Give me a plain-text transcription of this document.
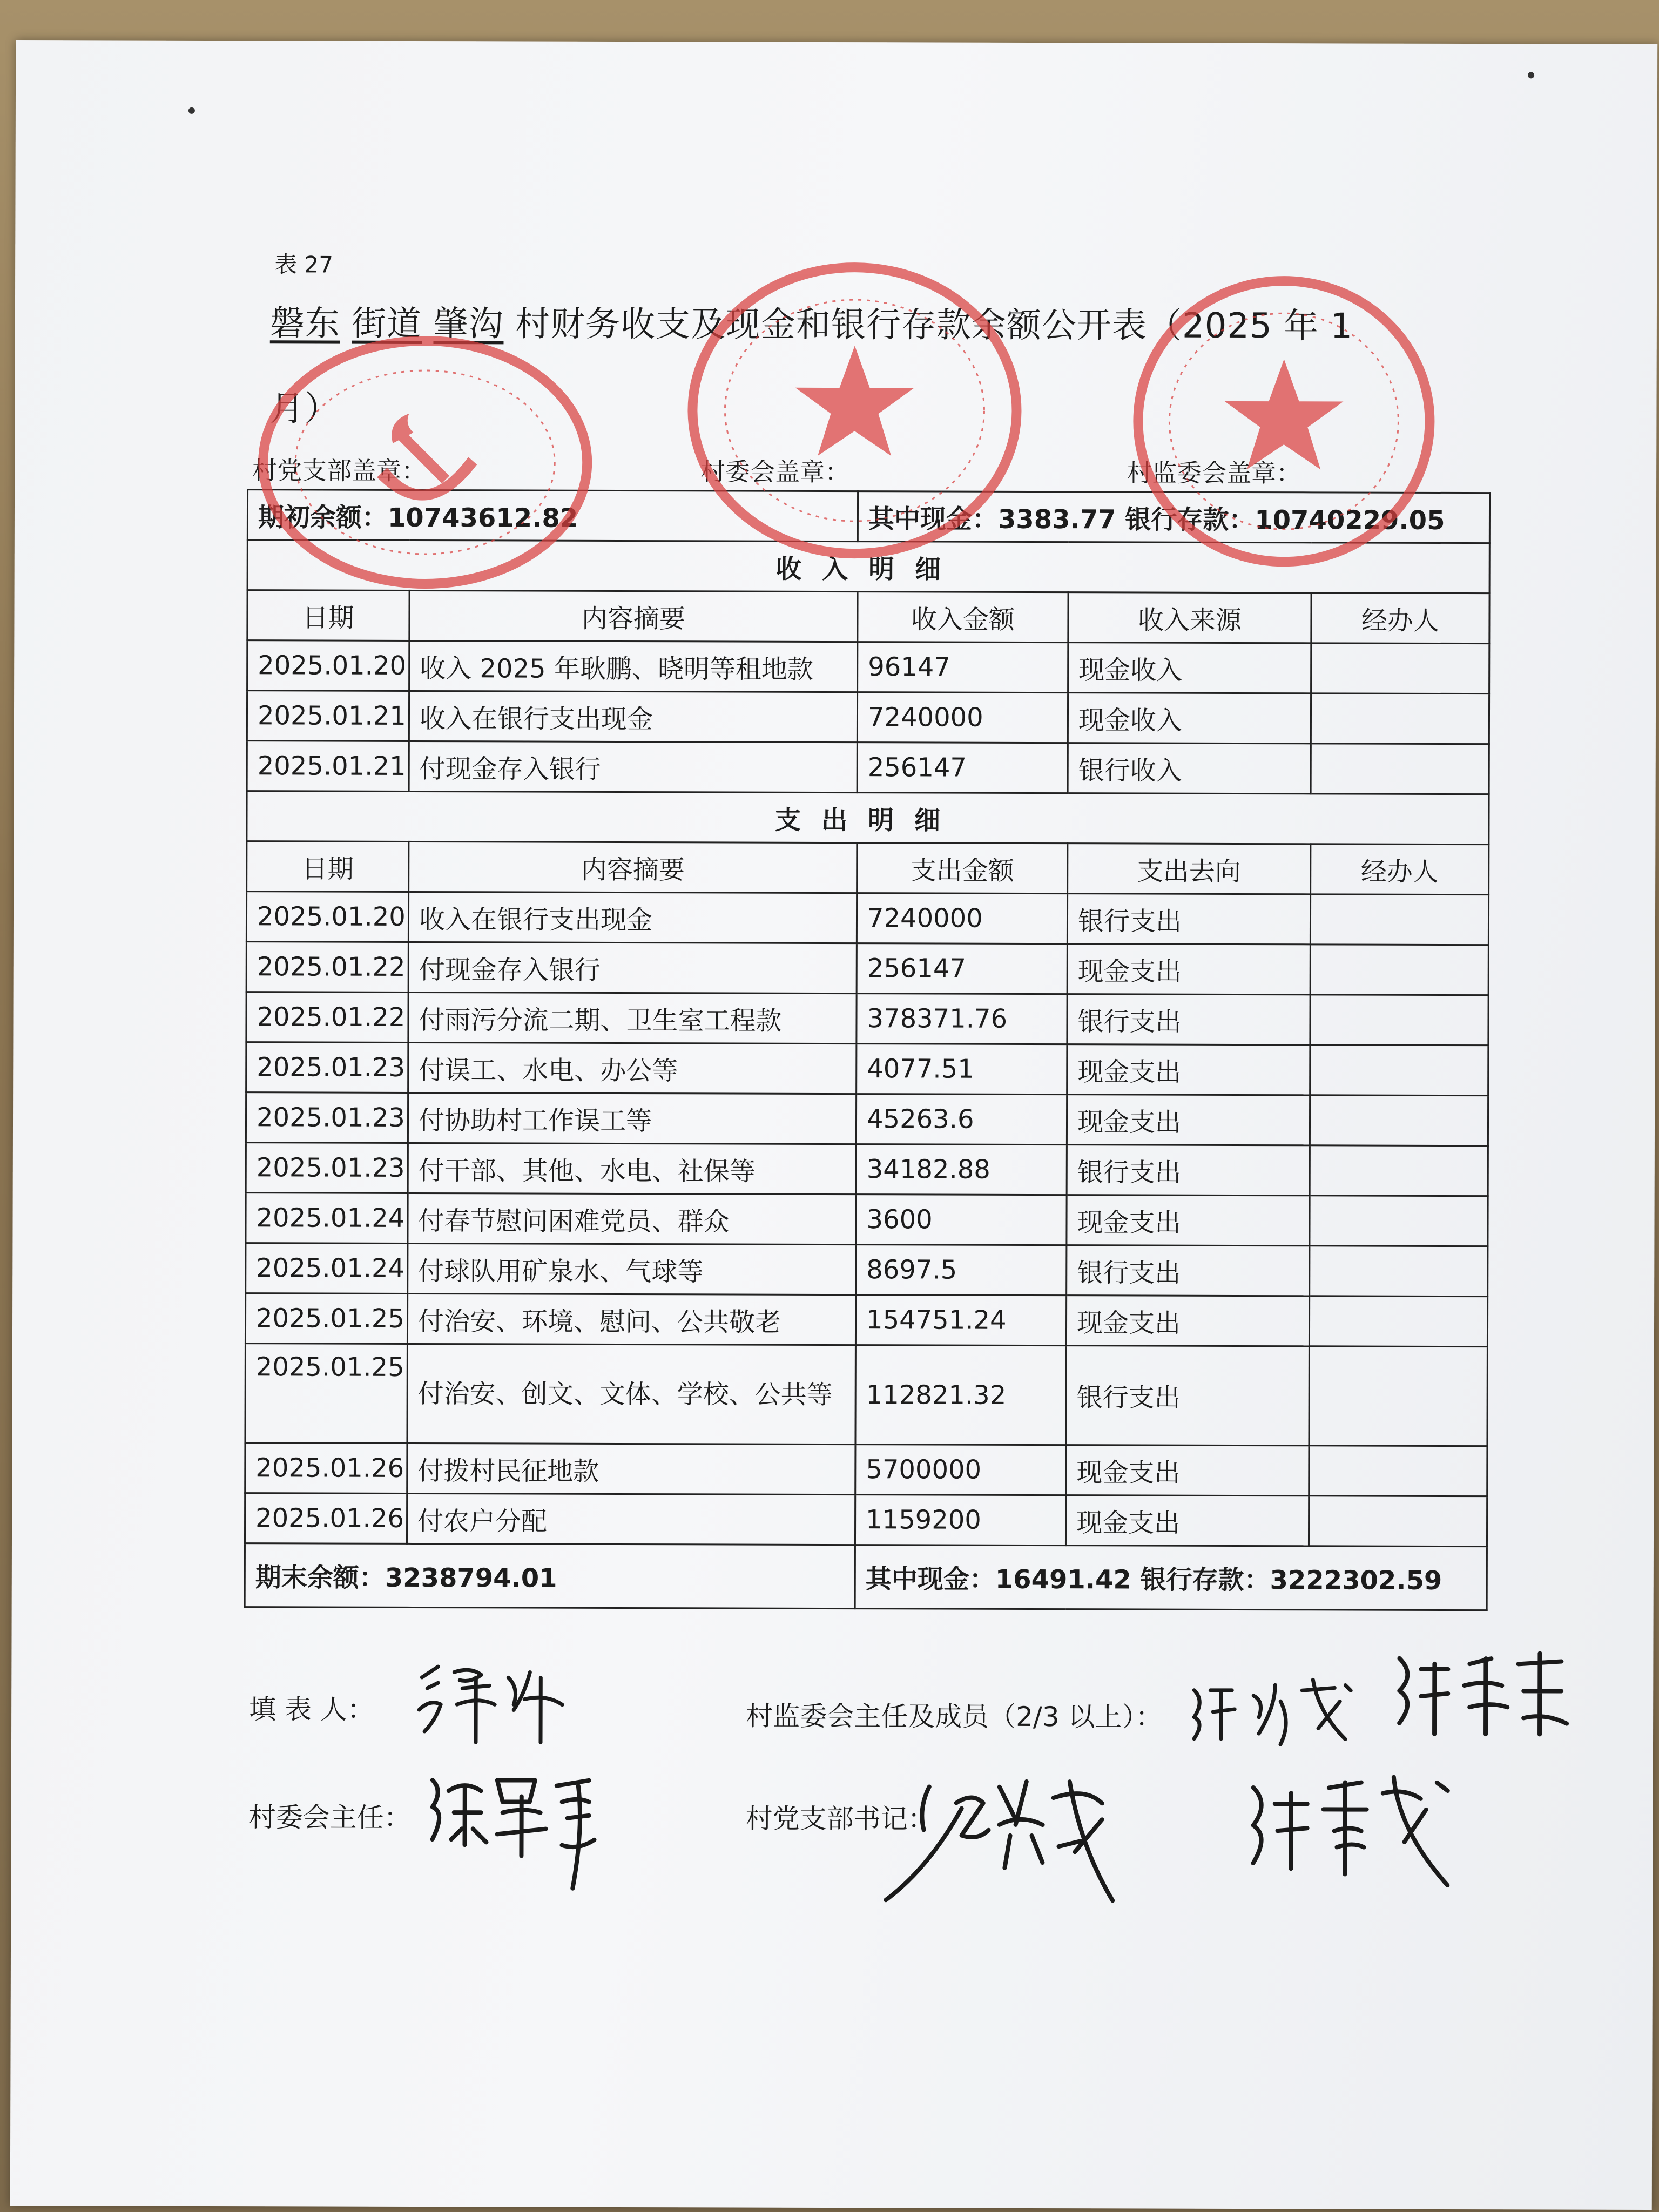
表 27
磐东 街道 肇沟 村财务收支及现金和银行存款余额公开表（2025 年 1
月）
村党支部盖章：	村委会盖章：	村监委会盖章：
期初余额：10743612.82		其中现金：3383.77 银行存款：10740229.05		
收入明细				
日期	内容摘要	收入金额	收入来源	经办人
2025.01.20	收入 2025 年耿鹏、晓明等租地款	96147	现金收入	
2025.01.21	收入在银行支出现金	7240000	现金收入	
2025.01.21	付现金存入银行	256147	银行收入	
支出明细				
日期	内容摘要	支出金额	支出去向	经办人
2025.01.20	收入在银行支出现金	7240000	银行支出	
2025.01.22	付现金存入银行	256147	现金支出	
2025.01.22	付雨污分流二期、卫生室工程款	378371.76	银行支出	
2025.01.23	付误工、水电、办公等	4077.51	现金支出	
2025.01.23	付协助村工作误工等	45263.6	现金支出	
2025.01.23	付干部、其他、水电、社保等	34182.88	银行支出	
2025.01.24	付春节慰问困难党员、群众	3600	现金支出	
2025.01.24	付球队用矿泉水、气球等	8697.5	银行支出	
2025.01.25	付治安、环境、慰问、公共敬老	154751.24	现金支出	
2025.01.25	付治安、创文、文体、学校、公共等	112821.32	银行支出	
2025.01.26	付拨村民征地款	5700000	现金支出	
2025.01.26	付农户分配	1159200	现金支出	
期末余额：3238794.01		其中现金：16491.42 银行存款：3222302.59		
填 表 人：	村监委会主任及成员（2/3 以上）：
村委会主任：	村党支部书记：
